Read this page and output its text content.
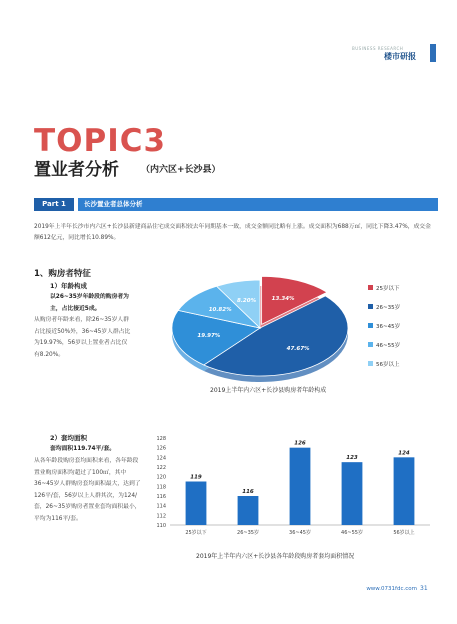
BUSINESS RESEARCH
楼市研报
TOPIC3
置业者分析 （内六区+长沙县）
Part 1	长沙置业者总体分析
2019年上半年长沙市内六区+长沙县新建商品住宅成交面积较去年同期基本一致，成交金额同比略有上涨。成交面积为688万㎡，同比下降3.47%，成交金额612亿元，同比增长10.89%。
1、购房者特征
1）年龄构成
以26~35岁年龄段的购房者为主，占比接近5成。
从购房者年龄来看，除26~35岁人群占比接近50%外，36~45岁人群占比为19.97%，56岁以上置业者占比仅有8.20%。
13.34%
47.67%
19.97%
10.82%
8.20%
25岁以下
26~35岁
36~45岁
46~55岁
56岁以上
2019上半年内六区+长沙县购房者年龄构成
2）套均面积
套均面积119.74平/套。
从各年龄段购房套均面积来看，各年龄段置业购房面积均超过了100㎡，其中36~45岁人群购房套均面积最大，达到了126平/套，56岁以上人群其次，为124/套，26~35岁购房者置业套均面积最小，平均为116平/套。
110
112
114
116
118
120
122
124
126
128
119
25岁以下
116
26~35岁
126
36~45岁
123
46~55岁
124
56岁以上
2019年上半年内六区+长沙县各年龄段购房者套均面积情况
www.0731fdc.com 31
